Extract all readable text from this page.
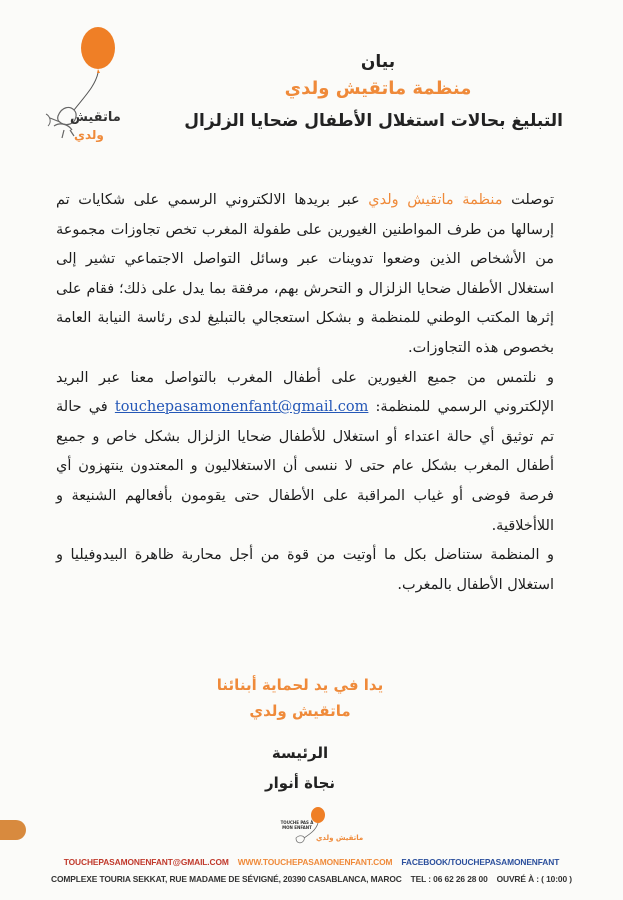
ماتقيش
ولدي
بيان
منظمة ماتقيش ولدي
التبليغ بحالات استغلال الأطفال ضحايا الزلزال

توصلت منظمة ماتقيش ولدي عبر بريدها الالكتروني الرسمي على شكايات تم إرسالها من طرف المواطنين الغيورين على طفولة المغرب تخص تجاوزات مجموعة من الأشخاص الذين وضعوا تدوينات عبر وسائل التواصل الاجتماعي تشير إلى استغلال الأطفال ضحايا الزلزال و التحرش بهم، مرفقة بما يدل على ذلك؛ فقام على إثرها المكتب الوطني للمنظمة و بشكل استعجالي بالتبليغ لدى رئاسة النيابة العامة بخصوص هذه التجاوزات.

و نلتمس من جميع الغيورين على أطفال المغرب بالتواصل معنا عبر البريد الإلكتروني الرسمي للمنظمة: touchepasamonenfant@gmail.com في حالة تم توثيق أي حالة اعتداء أو استغلال للأطفال ضحايا الزلزال بشكل خاص و جميع أطفال المغرب بشكل عام حتى لا ننسى أن الاستغلاليون و المعتدون ينتهزون أي فرصة فوضى أو غياب المراقبة على الأطفال حتى يقومون بأفعالهم الشنيعة و اللاأخلاقية.

و المنظمة ستناضل بكل ما أوتيت من قوة من أجل محاربة ظاهرة البيدوفيليا و استغلال الأطفال بالمغرب.

يدا في يد لحماية أبنائنا
ماتقيش ولدي
الرئيسة
نجاة أنوار
TOUCHE PAS À MON ENFANT
ماتقيش ولدي
TOUCHEPASAMONENFANT@GMAIL.COM WWW.TOUCHEPASAMONENFANT.COM FACEBOOK/TOUCHEPASAMONENFANT
COMPLEXE TOURIA SEKKAT, RUE MADAME DE SÉVIGNÉ, 20390 CASABLANCA, MAROC TEL : 06 62 26 28 00 OUVRÉ À : ( 10:00 )
